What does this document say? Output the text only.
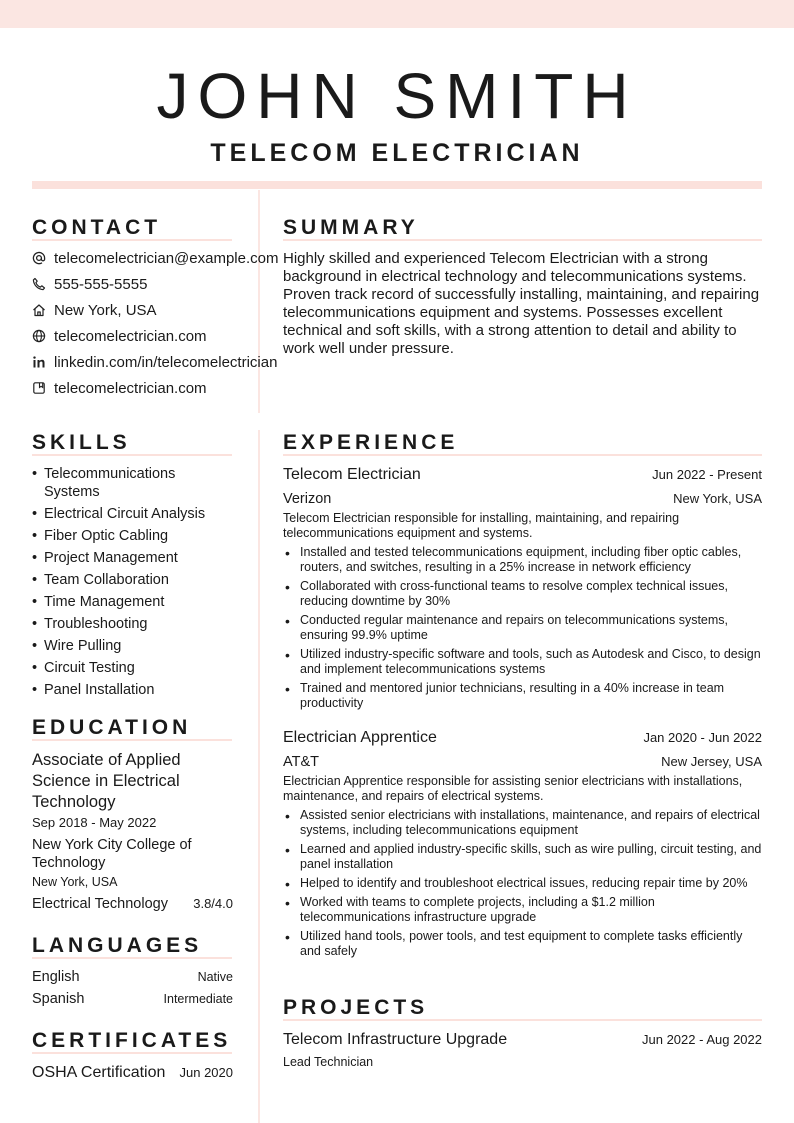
JOHN SMITH
TELECOM ELECTRICIAN
CONTACT
telecomelectrician@example.com
555-555-5555
New York, USA
telecomelectrician.com
linkedin.com/in/telecomelectrician
telecomelectrician.com
SUMMARY
Highly skilled and experienced Telecom Electrician with a strong background in electrical technology and telecommunications systems. Proven track record of successfully installing, maintaining, and repairing telecommunications equipment and systems. Possesses excellent technical and soft skills, with a strong attention to detail and ability to work well under pressure.
SKILLS
• Telecommunications Systems
• Electrical Circuit Analysis
• Fiber Optic Cabling
• Project Management
• Team Collaboration
• Time Management
• Troubleshooting
• Wire Pulling
• Circuit Testing
• Panel Installation
EDUCATION
Associate of Applied Science in Electrical Technology
Sep 2018 - May 2022
New York City College of Technology
New York, USA
Electrical Technology	3.8/4.0
LANGUAGES
English	Native
Spanish	Intermediate
CERTIFICATES
OSHA Certification	Jun 2020
EXPERIENCE
Telecom Electrician	Jun 2022 - Present
Verizon	New York, USA
Telecom Electrician responsible for installing, maintaining, and repairing telecommunications equipment and systems.
• Installed and tested telecommunications equipment, including fiber optic cables, routers, and switches, resulting in a 25% increase in network efficiency
• Collaborated with cross-functional teams to resolve complex technical issues, reducing downtime by 30%
• Conducted regular maintenance and repairs on telecommunications systems, ensuring 99.9% uptime
• Utilized industry-specific software and tools, such as Autodesk and Cisco, to design and implement telecommunications systems
• Trained and mentored junior technicians, resulting in a 40% increase in team productivity
Electrician Apprentice	Jan 2020 - Jun 2022
AT&T	New Jersey, USA
Electrician Apprentice responsible for assisting senior electricians with installations, maintenance, and repairs of electrical systems.
• Assisted senior electricians with installations, maintenance, and repairs of electrical systems, including telecommunications equipment
• Learned and applied industry-specific skills, such as wire pulling, circuit testing, and panel installation
• Helped to identify and troubleshoot electrical issues, reducing repair time by 20%
• Worked with teams to complete projects, including a $1.2 million telecommunications infrastructure upgrade
• Utilized hand tools, power tools, and test equipment to complete tasks efficiently and safely
PROJECTS
Telecom Infrastructure Upgrade	Jun 2022 - Aug 2022
Lead Technician
